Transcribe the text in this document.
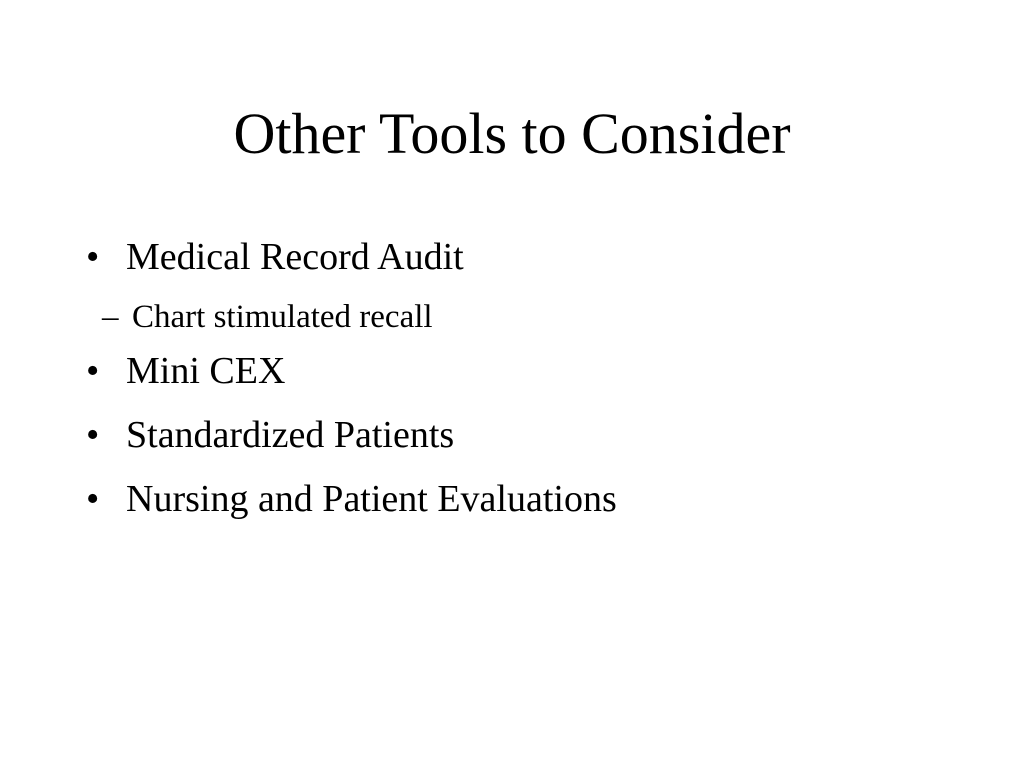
Other Tools to Consider
• Medical Record Audit
– Chart stimulated recall
• Mini CEX
• Standardized Patients
• Nursing and Patient Evaluations
